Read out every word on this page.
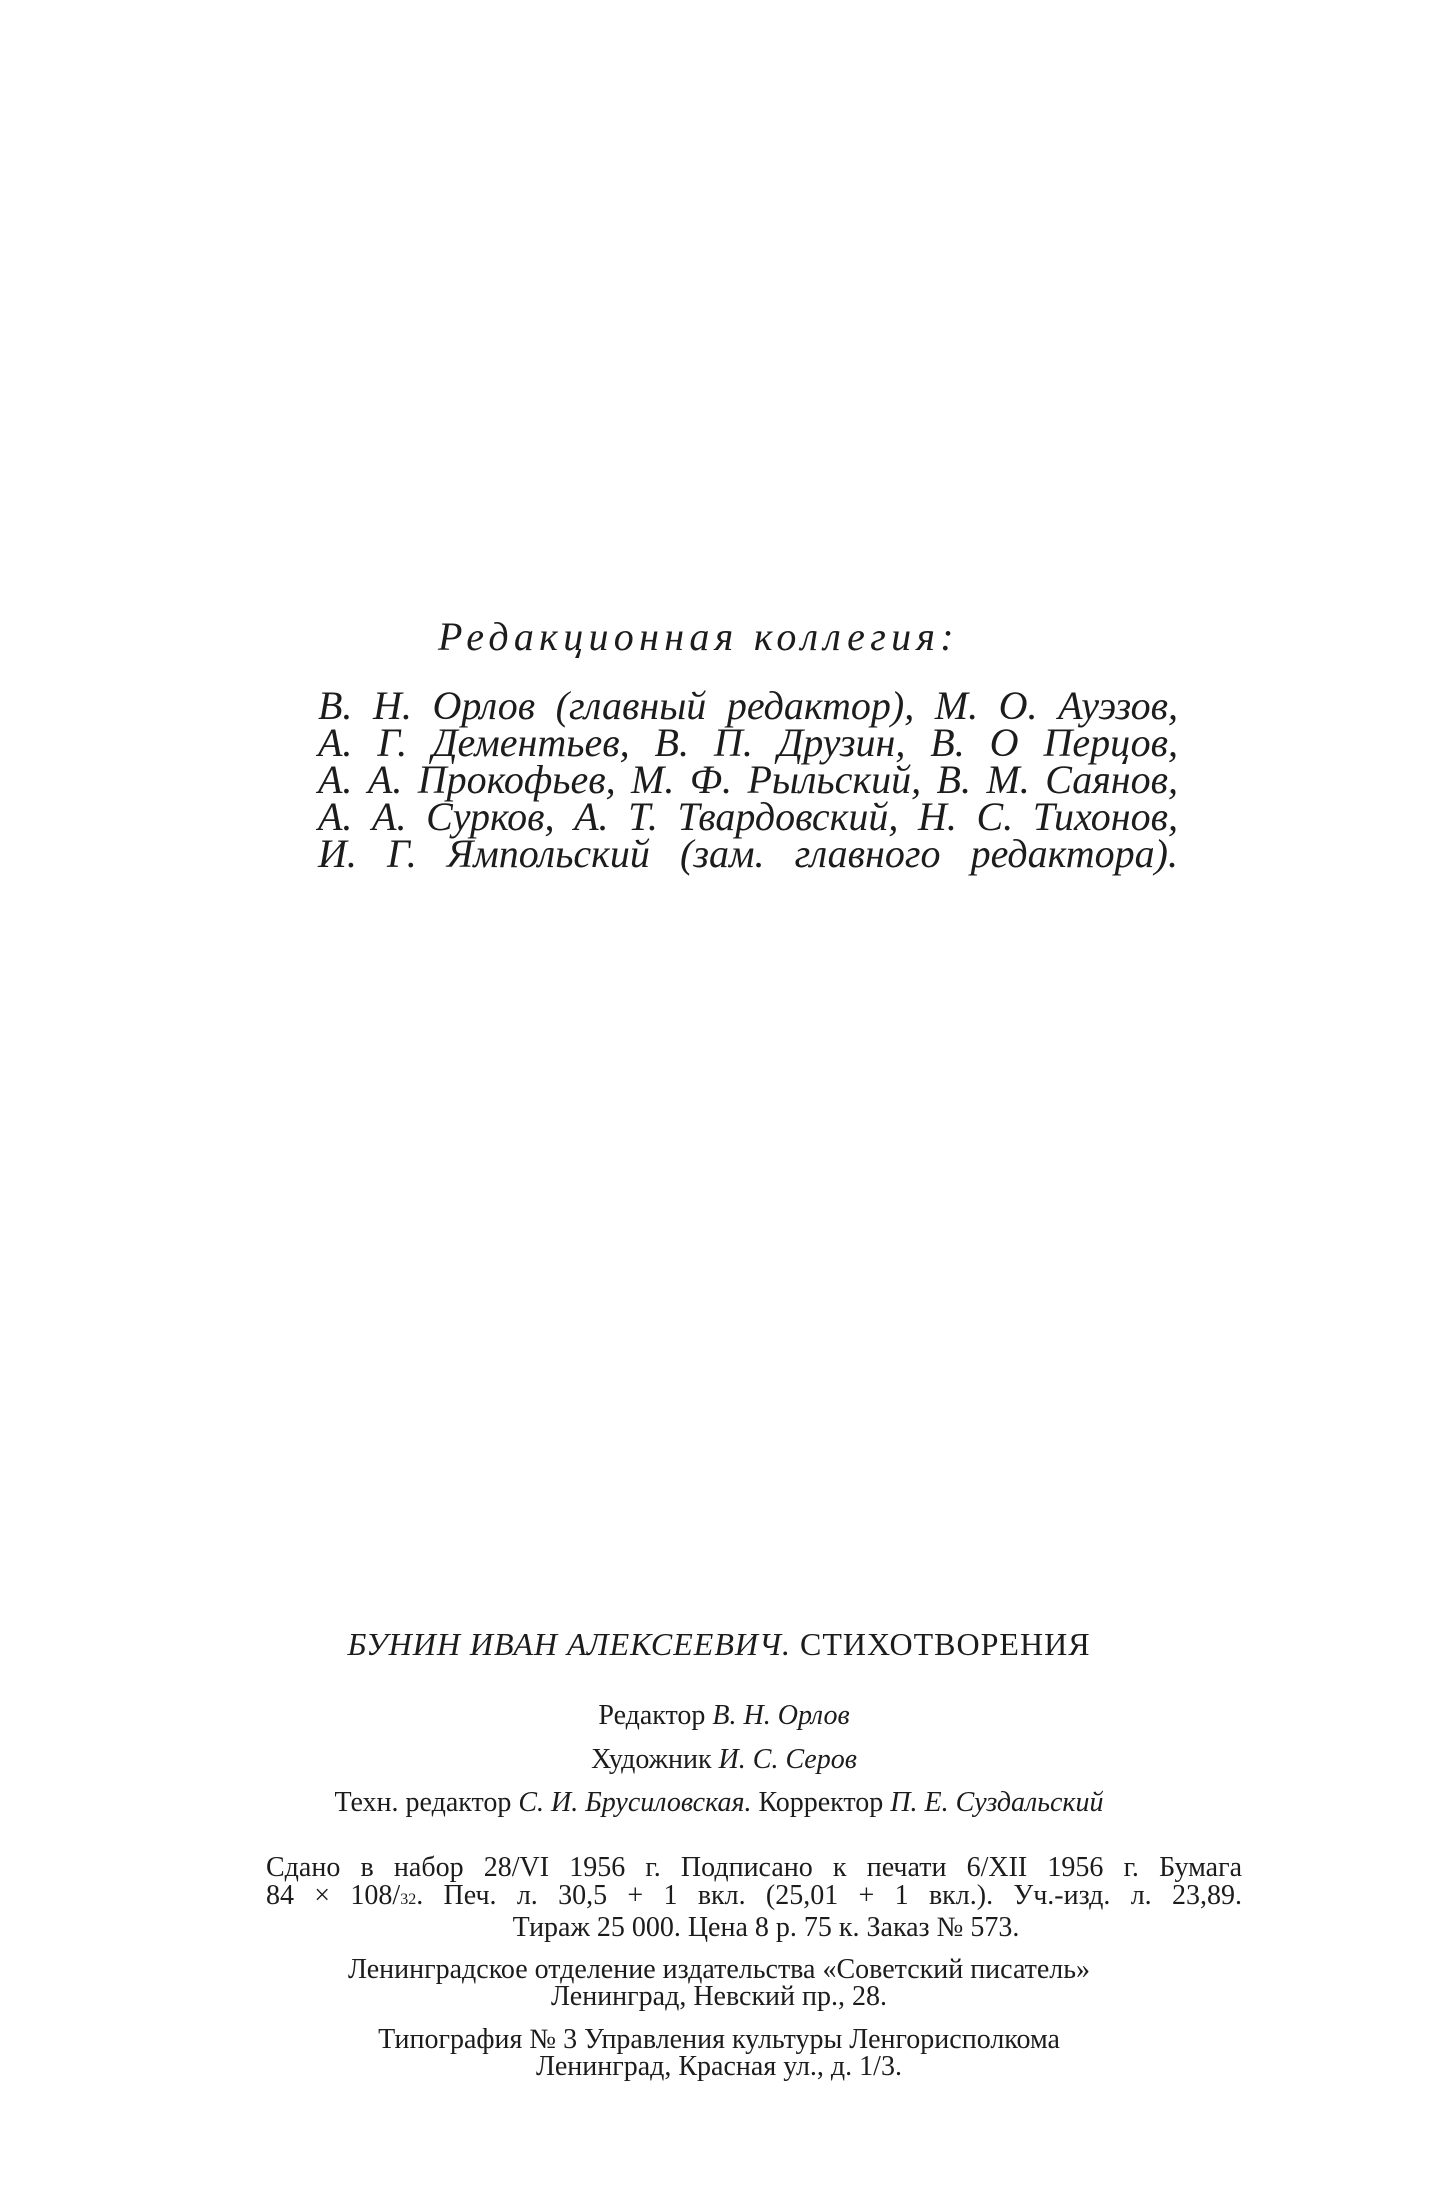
Редакционная коллегия:
В. Н. Орлов (главный редактор), М. О. Ауэзов,
А. Г. Дементьев, В. П. Друзин, В. О Перцов,
А. А. Прокофьев, М. Ф. Рыльский, В. М. Саянов,
А. А. Сурков, А. Т. Твардовский, Н. С. Тихонов,
И. Г. Ямпольский (зам. главного редактора).
БУНИН ИВАН АЛЕКСЕЕВИЧ. СТИХОТВОРЕНИЯ
Редактор В. Н. Орлов
Художник И. С. Серов
Техн. редактор С. И. Брусиловская. Корректор П. Е. Суздальский
Сдано в набор 28/VI 1956 г. Подписано к печати 6/XII 1956 г. Бумага
84 × 108/32. Печ. л. 30,5 + 1 вкл. (25,01 + 1 вкл.). Уч.-изд. л. 23,89.
Тираж 25 000. Цена 8 р. 75 к. Заказ № 573.
Ленинградское отделение издательства «Советский писатель»
Ленинград, Невский пр., 28.
Типография № 3 Управления культуры Ленгорисполкома
Ленинград, Красная ул., д. 1/3.
